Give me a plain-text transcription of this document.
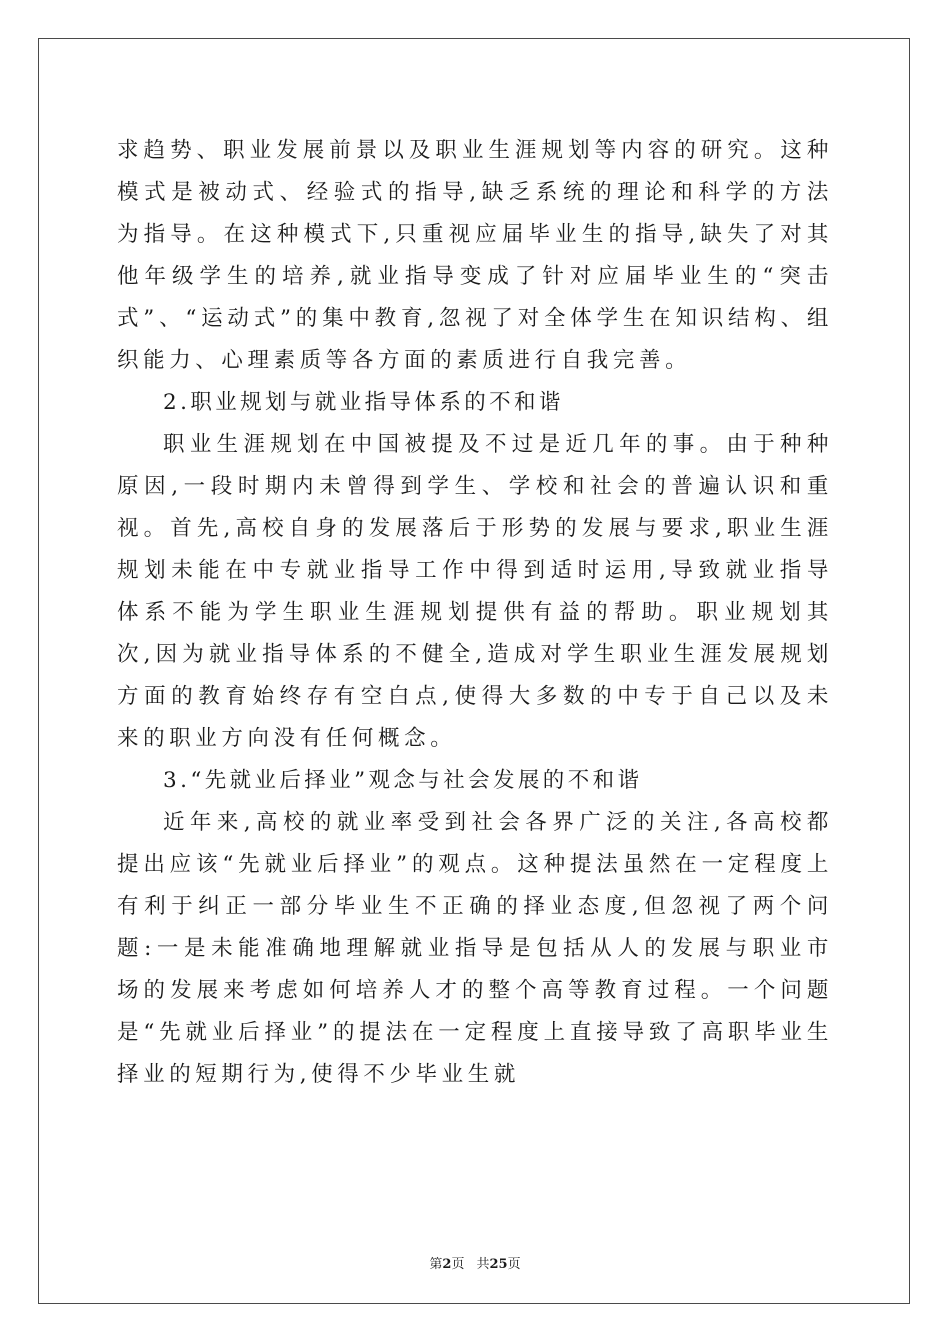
求趋势、职业发展前景以及职业生涯规划等内容的研究。这种模式是被动式、经验式的指导,缺乏系统的理论和科学的方法为指导。在这种模式下,只重视应届毕业生的指导,缺失了对其他年级学生的培养,就业指导变成了针对应届毕业生的“突击式”、“运动式”的集中教育,忽视了对全体学生在知识结构、组织能力、心理素质等各方面的素质进行自我完善。

2.职业规划与就业指导体系的不和谐

职业生涯规划在中国被提及不过是近几年的事。由于种种原因,一段时期内未曾得到学生、学校和社会的普遍认识和重视。首先,高校自身的发展落后于形势的发展与要求,职业生涯规划未能在中专就业指导工作中得到适时运用,导致就业指导体系不能为学生职业生涯规划提供有益的帮助。职业规划其次,因为就业指导体系的不健全,造成对学生职业生涯发展规划方面的教育始终存有空白点,使得大多数的中专于自己以及未来的职业方向没有任何概念。

3.“先就业后择业”观念与社会发展的不和谐

近年来,高校的就业率受到社会各界广泛的关注,各高校都提出应该“先就业后择业”的观点。这种提法虽然在一定程度上有利于纠正一部分毕业生不正确的择业态度,但忽视了两个问题:一是未能准确地理解就业指导是包括从人的发展与职业市场的发展来考虑如何培养人才的整个高等教育过程。一个问题是“先就业后择业”的提法在一定程度上直接导致了高职毕业生择业的短期行为,使得不少毕业生就

第2页 共25页
